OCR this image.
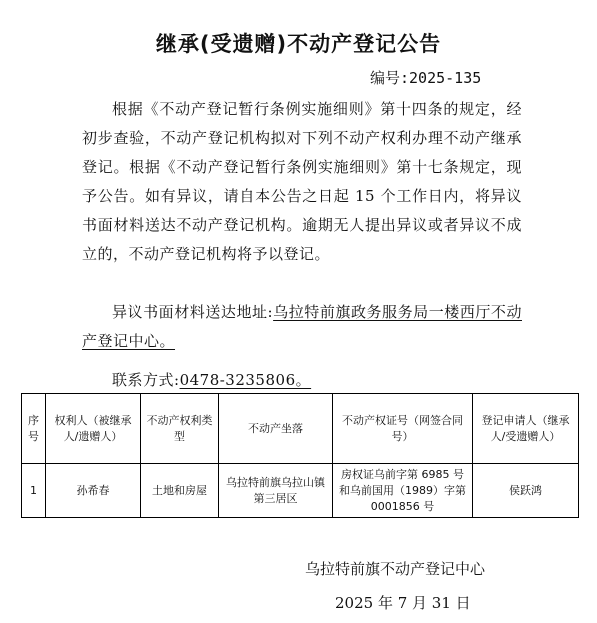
继承(受遗赠)不动产登记公告
编号:2025-135

根据《不动产登记暂行条例实施细则》第十四条的规定，经初步查验，不动产登记机构拟对下列不动产权利办理不动产继承登记。根据《不动产登记暂行条例实施细则》第十七条规定，现予公告。如有异议，请自本公告之日起 15 个工作日内，将异议书面材料送达不动产登记机构。逾期无人提出异议或者异议不成立的，不动产登记机构将予以登记。

异议书面材料送达地址:乌拉特前旗政务服务局一楼西厅不动产登记中心。

联系方式:0478-3235806。

序号	权利人（被继承人/遗赠人）	不动产权利类型	不动产坐落	不动产权证号（网签合同号）	登记申请人（继承人/受遗赠人）
1	孙希春	土地和房屋	乌拉特前旗乌拉山镇第三居区	房权证乌前字第 6985 号和乌前国用（1989）字第 0001856 号	侯跃鸿
乌拉特前旗不动产登记中心
2025 年 7 月 31 日
